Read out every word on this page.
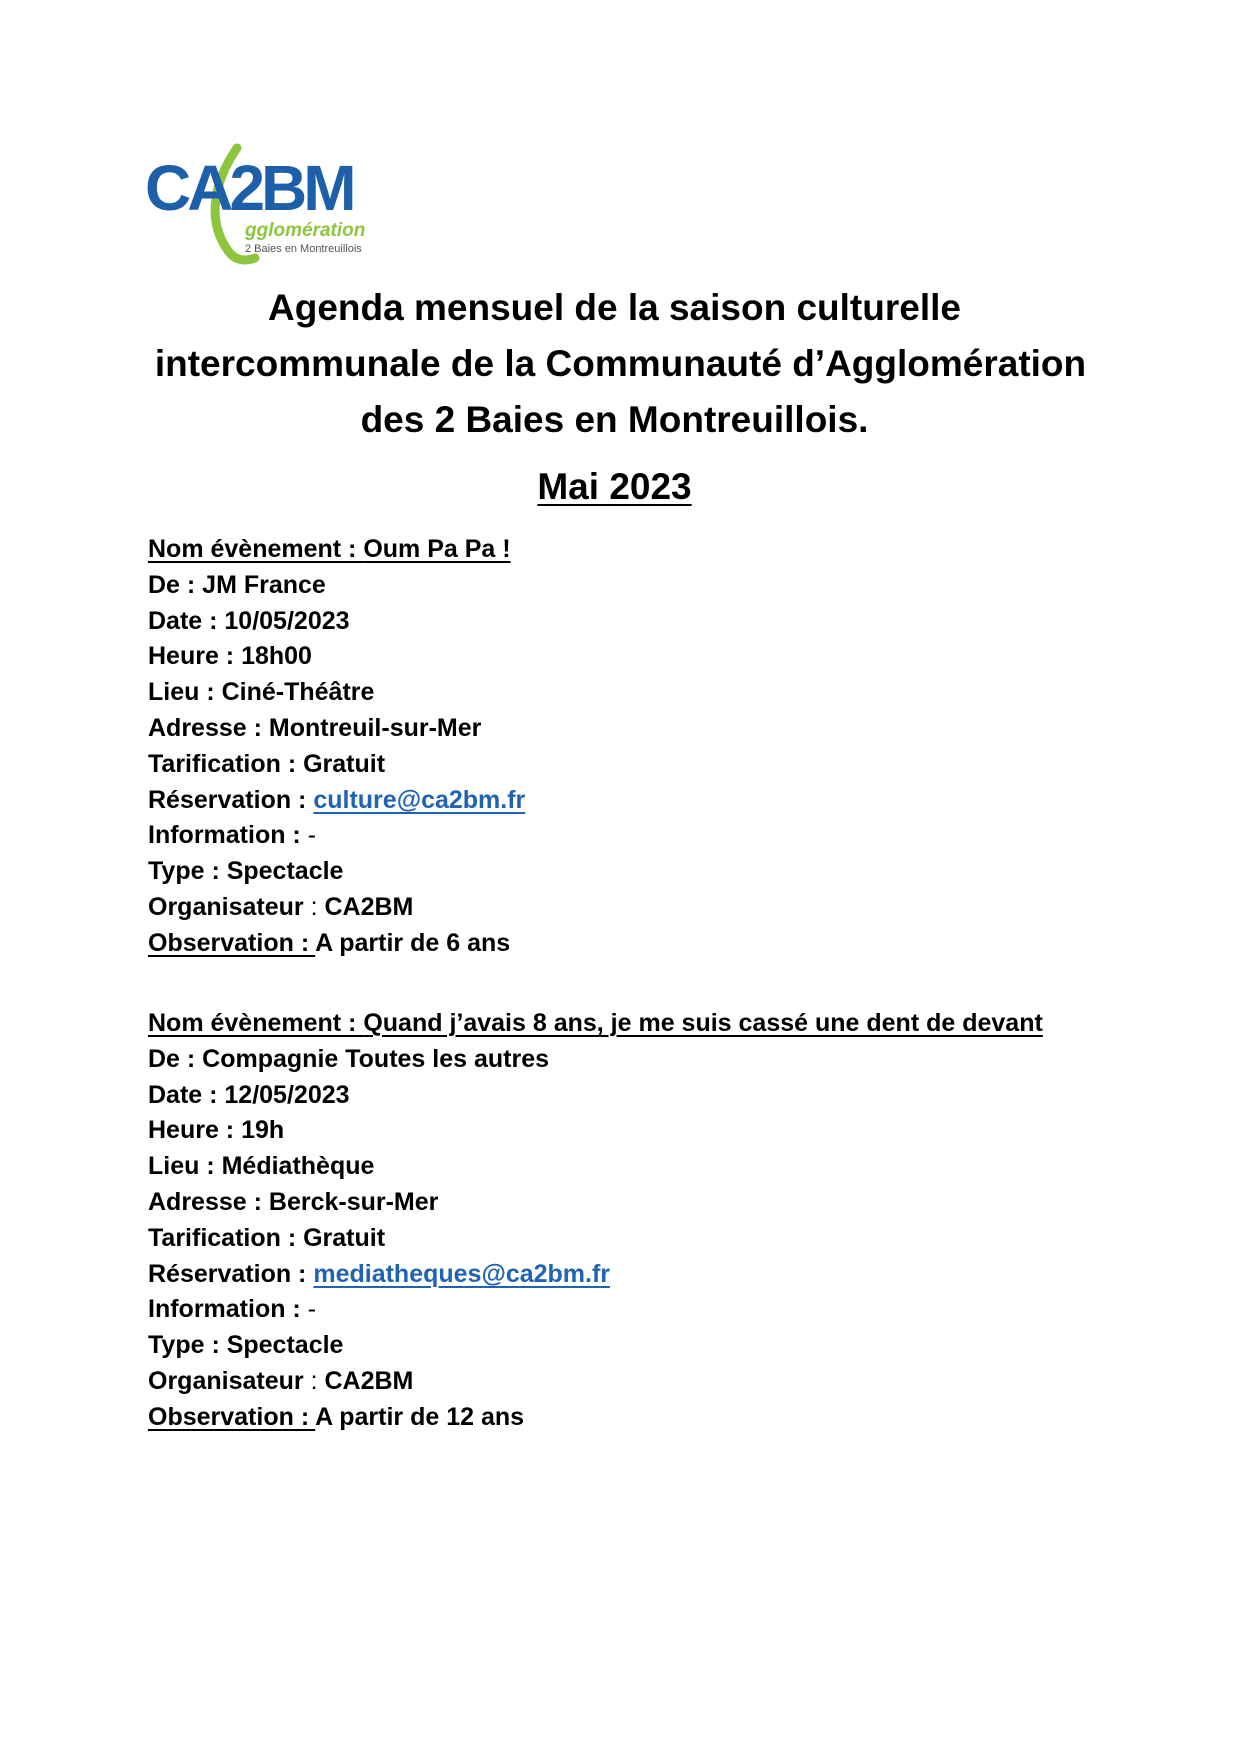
CA2BM
gglomération
2 Baies en Montreuillois
Agenda mensuel de la saison culturelle
intercommunale de la Communauté d’Agglomération
des 2 Baies en Montreuillois.
Mai 2023
Nom évènement : Oum Pa Pa !
De : JM France
Date : 10/05/2023
Heure : 18h00
Lieu : Ciné-Théâtre
Adresse : Montreuil-sur-Mer
Tarification : Gratuit
Réservation : culture@ca2bm.fr
Information : -
Type : Spectacle
Organisateur : CA2BM
Observation : A partir de 6 ans
Nom évènement : Quand j’avais 8 ans, je me suis cassé une dent de devant
De : Compagnie Toutes les autres
Date : 12/05/2023
Heure : 19h
Lieu : Médiathèque
Adresse : Berck-sur-Mer
Tarification : Gratuit
Réservation : mediatheques@ca2bm.fr
Information : -
Type : Spectacle
Organisateur : CA2BM
Observation : A partir de 12 ans
